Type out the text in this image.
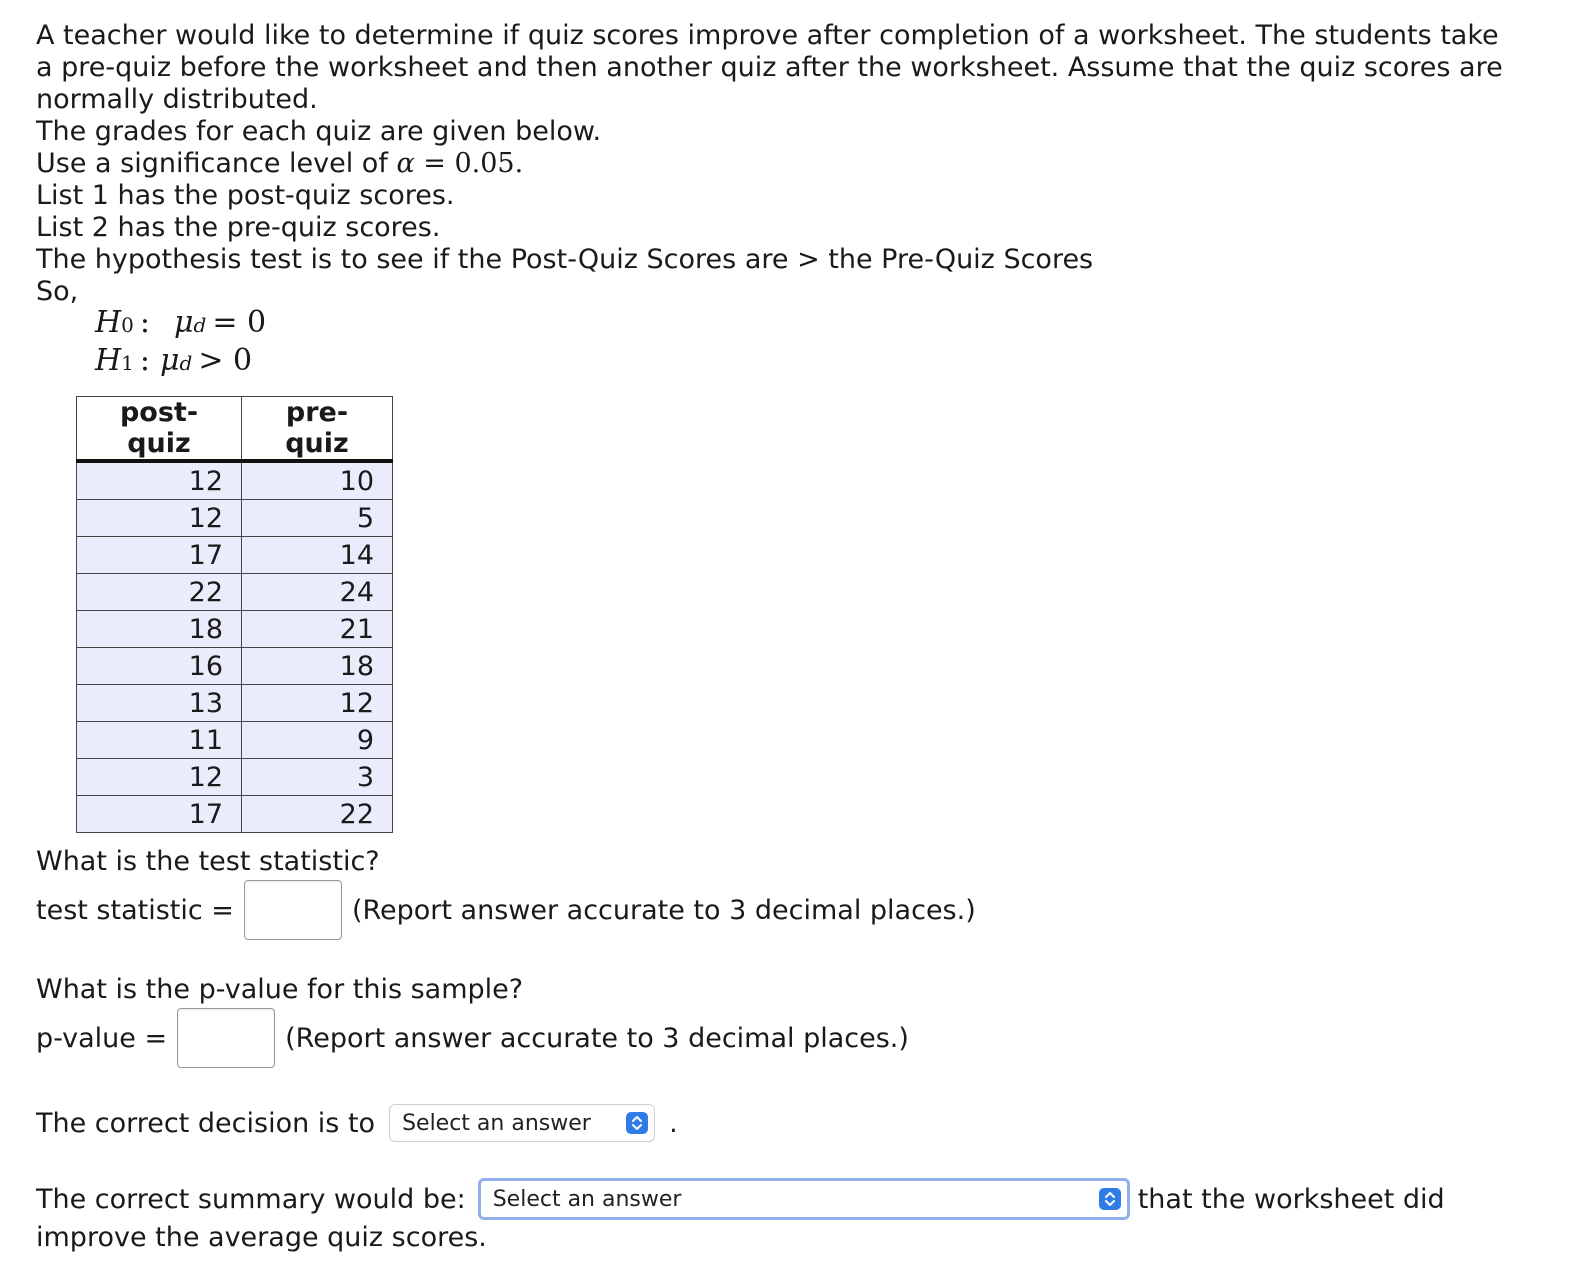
A teacher would like to determine if quiz scores improve after completion of a worksheet. The students take a pre-quiz before the worksheet and then another quiz after the worksheet. Assume that the quiz scores are normally distributed.

The grades for each quiz are given below.

Use a significance level of α = 0.05.

List 1 has the post-quiz scores.

List 2 has the pre-quiz scores.

The hypothesis test is to see if the Post-Quiz Scores are > the Pre-Quiz Scores

So,

H 0 : μ d = 0
H 1 : μ d > 0
post-quiz	pre-quiz
12	10
12	5
17	14
22	24
18	21
16	18
13	12
11	9
12	3
17	22
What is the test statistic?
test statistic =	(Report answer accurate to 3 decimal places.)
What is the p-value for this sample?
p-value =	(Report answer accurate to 3 decimal places.)
The correct decision is to Select an answer	.
The correct summary would be: Select an answer	that the worksheet did
improve the average quiz scores.
